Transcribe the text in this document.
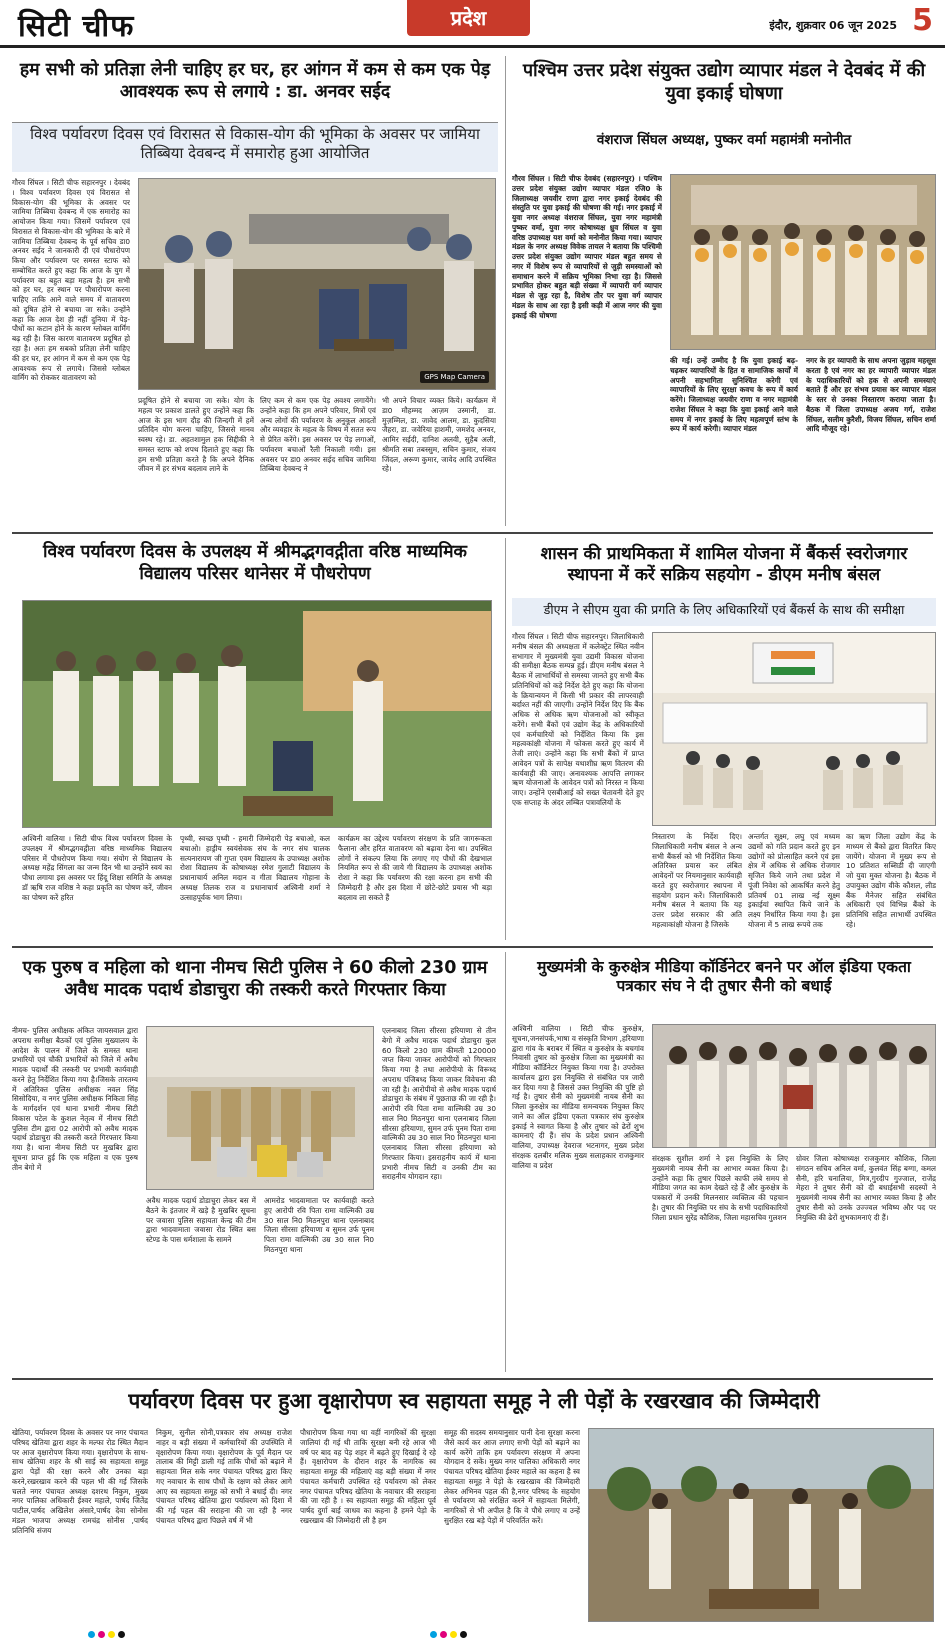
सिटी चीफ	प्रदेश	इंदौर, शुक्रवार 06 जून 2025 5
हम सभी को प्रतिज्ञा लेनी चाहिए हर घर, हर आंगन में कम से कम एक पेड़ आवश्यक रूप से लगाये : डा. अनवर सईद
विश्व पर्यावरण दिवस एवं विरासत से विकास-योग की भूमिका के अवसर पर जामिया तिब्बिया देवबन्द में समारोह हुआ आयोजित
गौरव सिंघल । सिटी चीफ सहारनपुर । देवबंद । विश्व पर्यावरण दिवस एवं विरासत से विकास-योग की भूमिका के अवसर पर जामिया तिब्बिया देवबन्द में एक समारोह का आयोजन किया गया। जिसमें पर्यावरण एवं विरासत से विकास-योग की भूमिका के बारे में जामिया तिब्बिया देवबन्द के पूर्व सचिव डा0 अनवर सईद ने जानकारी दी एवं पौधारोपण किया और पर्यावरण पर समस्त स्टाफ को सम्बोधित करते हुए कहा कि आज के युग में पर्यावरण का बहुत बड़ा महत्व है। हम सभी को हर घर, हर स्थान पर पौधारोपण करना चाहिए ताकि आने वाले समय में वातावरण को दूषित होने से बचाया जा सके। उन्होंने कहा कि आज देश ही नहीं दुनिया में पेड़-पौधों का कटान होने के कारण ग्लोबल वार्मिंग बढ़ रही है। जिस कारण वातावरण प्रदूषित हो रहा है। अतः हम सबको प्रतिज्ञा लेनी चाहिए की हर घर, हर आंगन में कम से कम एक पेड़ आवश्यक रूप से लगाये। जिससे ग्लोबल वार्मिंग को रोककर वातावरण को	GPS Map Camera
प्रदूषित होने से बचाया जा सके। योग के महत्व पर प्रकाश डालते हुए उन्होंने कहा कि आज के इस भाग दौड़ की जिन्दगी में हमें प्रतिदिन योग करना चाहिए, जिससे मानव स्वस्थ रहे। डा. अहतशामुल हक सिद्दीकी ने समस्त स्टाफ को शपथ दिलाते हुए कहा कि हम सभी प्रतिज्ञा करते है कि अपने दैनिक जीवन में हर संभव बदलाव लाने के
लिए कम से कम एक पेड़ अवश्य लगायेंगे। उन्होंने कहा कि हम अपने परिवार, मित्रों एवं अन्य लोगों की पर्यावरण के अनुकूल आदतों और व्यवहार के महत्व के विषय में सतत रूप से प्रेरित करेंगे। इस अवसर पर पेड़ लगाओं, पर्यावरण बचाओं रैली निकाली गयी। इस अवसर पर डा0 अनवर सईद सचिव जामिया तिब्बिया देवबन्द ने
भी अपने विचार व्यक्त किये। कार्यक्रम में डा0 मौहम्मद आज़म उस्मानी, डा. मुज़म्मिल, डा. जावेद आलम, डा. कुदसिया जैहरा, डा. जवेरिया हाशमी, जमशेद अनवर, आमिर सईदी, दानिश अलवी, सुहैब अली, श्रीमति सबा तबस्सुम, सचिन कुमार, संजय जिंदल, अरूण कुमार, जावेद आदि उपस्थित रहे।
पश्चिम उत्तर प्रदेश संयुक्त उद्योग व्यापार मंडल ने देवबंद में की युवा इकाई घोषणा
वंशराज सिंघल अध्यक्ष, पुष्कर वर्मा महामंत्री मनोनीत
गौरव सिंघल । सिटी चीफ देवबंद (सहारनपुर) । पश्चिम उत्तर प्रदेश संयुक्त उद्योग व्यापार मंडल रजि0 के जिलाध्यक्ष जयवीर राणा द्वारा नगर इकाई देवबंद की संस्तुति पर युवा इकाई की घोषणा की गई। नगर इकाई में युवा नगर अध्यक्ष वंशराज सिंघल, युवा नगर महामंत्री पुष्कर वर्मा, युवा नगर कोषाध्यक्ष ध्रुव सिंघल व युवा वरिष्ठ उपाध्यक्ष यश वर्मा को मनोनीत किया गया। व्यापार मंडल के नगर अध्यक्ष विवेक तायल ने बताया कि पश्चिमी उत्तर प्रदेश संयुक्त उद्योग व्यापार मंडल बहुत समय से नगर में विशेष रूप से व्यापारियों से जुड़ी समस्याओं को समाधान करने में सक्रिय भूमिका निभा रहा है। जिससे प्रभावित होकर बहुत बड़ी संख्या में व्यापारी वर्ग व्यापार मंडल से जुड़ रहा है, विशेष तौर पर युवा वर्ग व्यापार मंडल के साथ आ रहा है इसी कड़ी में आज नगर की युवा इकाई की घोषणा
की गई। उन्हें उम्मीद है कि युवा इकाई बढ़-चढ़कर व्यापारियों के हित व सामाजिक कार्यों में अपनी सहभागिता सुनिश्चित करेगी एवं व्यापारियों के लिए सुरक्षा कवच के रूप में कार्य करेंगे। जिलाध्यक्ष जयवीर राणा व नगर महामंत्री राजेश सिंघल ने कहा कि युवा इकाई आने वाले समय में नगर इकाई के लिए महत्वपूर्ण स्तंभ के रूप में कार्य करेगी। व्यापार मंडल
नगर के हर व्यापारी के साथ अपना जुड़ाव महसूस करता है एवं नगर का हर व्यापारी व्यापार मंडल के पदाधिकारियों को हक से अपनी समस्याएं बताते हैं और हर संभव प्रयास कर व्यापार मंडल के स्तर से उनका निस्तारण कराया जाता है। बैठक में जिला उपाध्यक्ष अजय गर्ग, राजेश सिंघल, सलीम कुरैशी, विजय सिंघल, सचिन शर्मा आदि मौजूद रहे।
विश्व पर्यावरण दिवस के उपलक्ष्य में श्रीमद्भगवद्गीता वरिष्ठ माध्यमिक विद्यालय परिसर थानेसर में पौधरोपण
अश्विनी वालिया । सिटी चीफ विश्व पर्यावरण दिवस के उपलक्ष्य में श्रीमद्भगवद्गीता वरिष्ठ माध्यमिक विद्यालय परिसर में पौधरोपण किया गया। संयोग से विद्यालय के अध्यक्ष महेंद्र सिंगला का जन्म दिन भी था उन्होंने स्वयं का पौधा लगाया इस अवसर पर हिंदू शिक्षा समिति के अध्यक्ष डॉ ऋषि राज वशिष्ठ ने कहा प्रकृति का पोषण करें, जीवन का पोषण करें हरित
पृथ्वी, स्वच्छ पृथ्वी - हमारी जिम्मेदारी पेड़ बचाओ, कल बचाओ। हाड्रीय स्वयंसेवक संघ के नगर संघ चालक सत्यनारायण जी गुप्ता एवम विद्यालय के उपाध्यक्ष अशोक रोशा विद्यालय के कोषाध्यक्ष रमेश गुलाटी विद्यालय के प्रधानाचार्य अनिल मदान व गीता विद्यालय गोहाना के अध्यक्ष तिलक राज व प्रधानाचार्य अश्विनी शर्मा ने उत्साहपूर्वक भाग लिया।
कार्यक्रम का उद्देश्य पर्यावरण संरक्षण के प्रति जागरूकता फैलाना और हरित वातावरण को बढ़ावा देना था। उपस्थित लोगों ने संकल्प लिया कि लगाए गए पौधों की देखभाल नियमित रूप से की जाये गी विद्यालय के उपाध्यक्ष अशोक रोशा ने कहा कि पर्यावरण की रक्षा करना हम सभी की जिम्मेदारी है और इस दिशा में छोटे-छोटे प्रयास भी बड़ा बदलाव ला सकते हैं
शासन की प्राथमिकता में शामिल योजना में बैंकर्स स्वरोजगार स्थापना में करें सक्रिय सहयोग - डीएम मनीष बंसल
डीएम ने सीएम युवा की प्रगति के लिए अधिकारियों एवं बैंकर्स के साथ की समीक्षा
गौरव सिंघल । सिटी चीफ सहारनपुर। जिलाधिकारी मनीष बंसल की अध्यक्षता में कलेक्ट्रेट स्थित नवीन सभागार में मुख्यमंत्री युवा उद्यमी विकास योजना की समीक्षा बैठक सम्पन्न हुई। डीएम मनीष बंसल ने बैठक में लाभार्थियों से समस्या जानते हुए सभी बैंक प्रतिनिधियों को कड़े निर्देश देते हुए कहा कि योजना के क्रियान्वयन में किसी भी प्रकार की लापरवाही बर्दाश्त नहीं की जाएगी। उन्होंने निर्देश दिए कि बैंक अधिक से अधिक ऋण योजनाओं को स्वीकृत करेंगे। सभी बैंकों एवं उद्योग केंद्र के अधिकारियों एवं कर्मचारियों को निर्देशित किया कि इस महत्वकांक्षी योजना में फोकस करते हुए कार्य में तेजी लाएं। उन्होंने कहा कि सभी बैंकों में प्राप्त आवेदन पत्रों के सापेक्ष यथाशीघ्र ऋण वितरण की कार्यवाही की जाए। अनावश्यक आपत्ति लगाकर ऋण योजनाओं के आवेदन पत्रों को निरस्त न किया जाए। उन्होंने एसबीआई को सख्त चेतावनी देते हुए एक सप्ताह के अंदर लम्बित पत्रावलियों के
निस्तारण के निर्देश दिए। जिलाधिकारी मनीष बंसल ने अन्य सभी बैंकर्स को भी निर्देशित किया अतिरिक्त प्रयास कर लंबित आवेदनों पर नियमानुसार कार्यवाही करते हुए स्वरोजगार स्थापना में सहयोग प्रदान करें। जिलाधिकारी मनीष बंसल ने बताया कि यह उत्तर प्रदेश सरकार की अति महत्वाकांक्षी योजना है जिसके
अन्तर्गत सूक्ष्म, लघु एवं मध्यम उद्यमों को गति प्रदान करते हुए इन उद्योगों को प्रोत्साहित करने एवं इस क्षेत्र में अधिक से अधिक रोजगार सृजित किये जाने तथा प्रदेश में पूंजी निवेश को आकर्षित करने हेतु प्रतिवर्ष 01 लाख नई सूक्ष्म इकाईयां स्थापित किये जाने के लक्ष्य निर्धारित किया गया है। इस योजना में 5 लाख रूपये तक
का ऋण जिला उद्योग केंद्र के माध्यम से बैंको द्वारा वितरित किए जायेंगे। योजना में मुख्य रूप से 10 प्रतिशत सब्सिडी दी जाएगी जो युवा मुक्त योजना है। बैठक में उपायुक्त उद्योग वीके कौशल, लीड बैंक मैनेजर सहित संबंधित अधिकारी एवं विभिन्न बैंको के प्रतिनिधि सहित लाभार्थी उपस्थित रहे।
एक पुरुष व महिला को थाना नीमच सिटी पुलिस ने 60 कीलो 230 ग्राम अवैध मादक पदार्थ डोडाचुरा की तस्करी करते गिरफ्तार किया
नीमच- पुलिस अधीक्षक अंकित जायसवाल द्वारा अपराध समीक्षा बैठकों एवं पुलिस मुख्यालय के आदेश के पालन में जिले के समस्त थाना प्रभारियों एवं चौकी प्रभारियों को जिले में अवैध मादक पदार्थों की तस्करी पर प्रभावी कार्यवाही करने हेतु निर्देशित किया गया है।जिसके तारतम्य में अतिरिक्त पुलिस अधीक्षक नवल सिंह सिसोदिया, व नगर पुलिस अधीक्षक निकिता सिंह के मार्गदर्शन एवं थाना प्रभारी नीमच सिटी विकास पटेल के कुशल नेतृत्व में नीमच सिटी पुलिस टीम द्वारा 02 आरोपी को अवैध मादक पदार्थ डोडाचुरा की तस्करी करते गिरफ्तार किया गया है। थाना नीमच सिटी पर मुखबिर द्वारा सूचना प्राप्त हुई कि एक महिला व एक पुरुष तीन बेगो में
अवैध मादक पदार्थ डोडाचुरा लेकर बस में बैठने के इंतजार में खड़े है मुखबिर सूचना पर जवासा पुलिस सहायता केन्द्र की टीम द्वारा भादवामाता जवासा रोड स्थित बस स्टेण्ड के पास धर्मशाला के सामने
आमरोड भादवामाता पर कार्यवाही करते हुए आरोपी रवि पिता रामा वाल्मिकी उम्र 30 साल नि0 मिठनपुरा थाना एलनाबाद जिला सीरसा हरियाणा व सुमन उर्फ पूनम पिता रामा वाल्मिकी उम्र 30 साल नि0 मिठनपुरा थाना
एलनाबाद जिला सीरसा हरियाणा से तीन बेगो में अवैध मादक पदार्थ डोडाचुरा कुल 60 किलो 230 ग्राम कीमती 120000 जप्त किया जाकर आरोपीयों को गिरफ्तार किया गया है तथा आरोपीयो के विरूध्द अपराध पंजिबध्द किया जाकर विवेचना की जा रही है। आरोपीयो से अवैध मादक पदार्थ डोडाचुरा के संबंध में पुछताछ की जा रही है। आरोपी रवि पिता रामा वाल्मिकी उम्र 30 साल नि0 मिठनपुरा थाना एलनाबाद जिला सीरसा हरियाणा, सुमन उर्फ पूनम पिता रामा वाल्मिकी उम्र 30 साल नि0 मिठनपुरा थाना एलनाबाद जिला सीरसा हरियाणा को गिरफ्तार किया। इसराहनीय कार्य में थाना प्रभारी नीमच सिटी व उनकी टीम का सराहनीय योगदान रहा।
मुख्यमंत्री के कुरुक्षेत्र मीडिया कॉर्डिनेटर बनने पर ऑल इंडिया एकता पत्रकार संघ ने दी तुषार सैनी को बधाई
अश्विनी वालिया । सिटी चीफ कुरुक्षेत्र, सूचना,जनसंपर्क,भाषा व संस्कृति विभाग ,हरियाणा द्वारा गांव के बराबर में स्थित व कुरुक्षेत्र के बचगांव निवासी तुषार को कुरुक्षेत्र जिला का मुख्यमंत्री का मीडिया कॉर्डिनेटर नियुक्त किया गया है। उपरोक्त कार्यालय द्वारा इस नियुक्ति से संबंधित पत्र जारी कर दिया गया है जिससे उक्त नियुक्ति की पुष्टि हो गई है। तुषार सैनी को मुख्यमंत्री नायब सैनी का जिला कुरुक्षेत्र का मीडिया समन्वयक नियुक्त किए जाने का ऑल इंडिया एकता पत्रकार संघ कुरुक्षेत्र इकाई ने स्वागत किया है और तुषार को ढेरों शुभ कामनाएं दी हैं। संघ के प्रदेश प्रधान अश्विनी वालिया, उपाध्यक्ष देवराज भटनागर, मुख्य प्रदेश संरक्षक दलबीर मलिक मुख्य सलाहकार राजकुमार वालिया व प्रदेश
संरक्षक सुशील शर्मा ने इस नियुक्ति के लिए मुख्यमंत्री नायब सैनी का आभार व्यक्त किया है। उन्होंने कहा कि तुषार पिछले काफी लंबे समय से मीडिया जगत का काम देखते रहे हैं और कुरुक्षेत्र के पत्रकारों में उनकी मिलनसार व्यक्तित्व की पहचान है। तुषार की नियुक्ति पर संघ के सभी पदाधिकारियों जिला प्रधान सुरेंद्र कौशिक, जिला महासचिव गुलशन
ग्रोवर जिला कोषाध्यक्ष राजकुमार कौशिक, जिला संगठन सचिव अनिल वर्मा, कुलवंत सिंह बग्गा, कमल सैनी, हरि चनालिया, मित्र,गुरदीप गुज्जाल, राजेंद्र मेहरा ने तुषार सैनी को दी बधाईसभी सदस्यों ने मुख्यमंत्री नायब सैनी का आभार व्यक्त किया है और तुषार सैनी को उनके उज्ज्वल भविष्य और पद पर नियुक्ति की ढेरों शुभकामनाएं दी हैं।
पर्यावरण दिवस पर हुआ वृक्षारोपण स्व सहायता समूह ने ली पेड़ों के रखरखाव की जिम्मेदारी
खेतिया, पर्यावरण दिवस के अवसर पर नगर पंचायत परिषद खेतिया द्वारा शहर के मल्फा रोड स्थित मैदान पर आज वृक्षारोपण किया गया। वृक्षारोपण के साथ-साथ खेतिया शहर के श्री साई स्व सहायता समूह द्वारा पेड़ों की रक्षा करने और उनका बड़ा करने,रखरखाव करने की पहल भी की गई जिसके चलते नगर पंचायत अध्यक्ष दशरथ निकुम, मुख्य नगर पालिका अधिकारी ईश्वर महाले, पार्षद जितेंद्र पाटील,पार्षद अखिलेश अंसारे,पार्षद देवा सोनोस मंडल भाजपा अध्यक्ष रामचंद्र सोनीस ,पार्षद प्रतिनिधि संजय
निकुम, सुनील सोनी,पत्रकार संघ अध्यक्ष राजेश नाहर व बड़ी संख्या में कर्मचारियों की उपस्थिति में वृक्षारोपण किया गया। वृक्षारोपण के पूर्व मैदान पर तालाब की मिट्टी डाली गई ताकि पौधों को बढ़ाने में सहायता मिल सके नगर पंचायत परिषद द्वारा किए गए नवाचार के साथ पौधों के रक्षण को लेकर आगे आए स्व सहायता समूह को सभी ने बधाई दी। नगर पंचायत परिषद खेतिया द्वारा पर्यावरण को दिशा में की गई पहल की सराहना की जा रही है नगर पंचायत परिषद द्वारा पिछले वर्ष में भी
पौधारोपण किया गया था वहीं नागरिकों की सुरक्षा जालियां दी गई थी ताकि सुरक्षा बनी रहे आज भी वर्ष पर बाद वह पेड़ शहर में बढ़ते हुए दिखाई दे रहे हैं। वृक्षारोपण के दौरान शहर के नागरिक स्व सहायता समूह की महिलाएं वह बड़ी संख्या में नगर पंचायत कर्मचारी उपस्थित रहे पर्यावरण को लेकर नगर पंचायत परिषद खेतिया के नवाचार की सराहना की जा रही है । स्व सहायता समूह की महिला पूर्व पार्षद दुर्गा बाई जाधव का कहना है हमने पेड़ो के रखरखाव की जिम्मेदारी ली है हम
समूह की सदस्य समयानुसार पानी देना सुरक्षा करना जैसे कार्य कर आज लगाए सभी पेड़ों को बढ़ाने का कार्य करेंगे ताकि हम पर्यावरण संरक्षण में अपना योगदान दे सकें। मुख्य नगर पालिका अधिकारी नगर पंचायत परिषद खेतिया ईश्वर महाले का कहना है स्व सहायता समूह ने पेड़ो के रखरखाव की जिम्मेदारी लेकर अभिनव पहल की है,नगर परिषद के सहयोग से पर्यावरण को संरक्षित करने में सहायता मिलेगी, नागरिकों से भी अपील है कि वे पौधे लगाए व उन्हें सुरक्षित रख बड़े पेड़ों में परिवर्तित करें।
